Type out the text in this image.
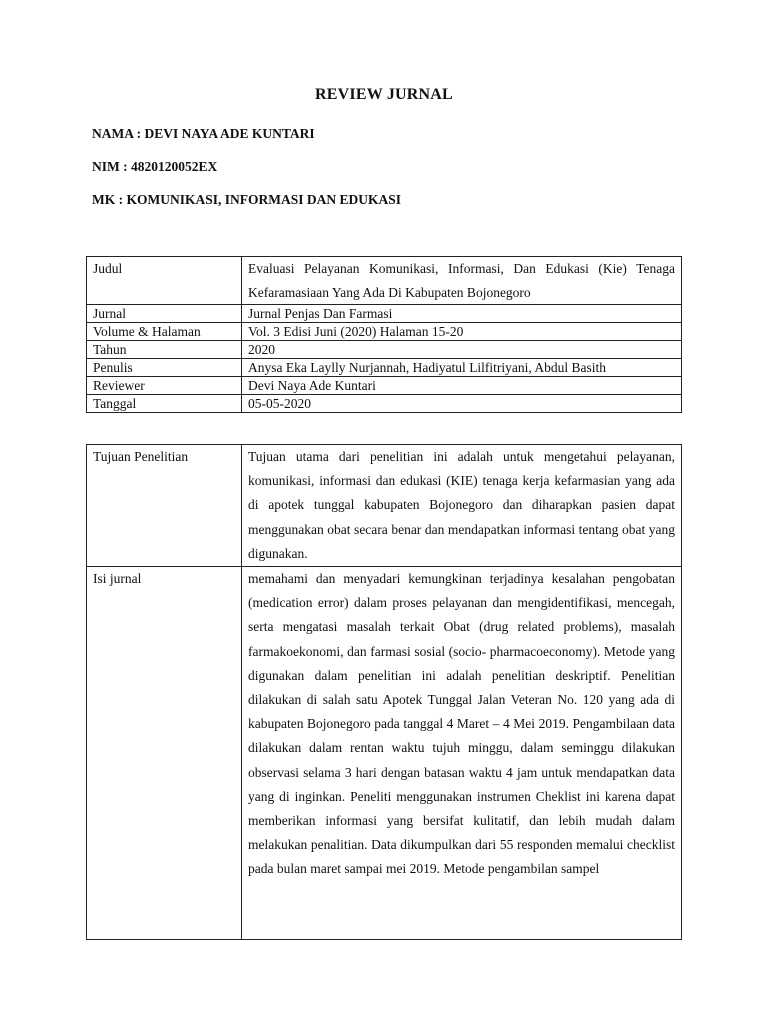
REVIEW JURNAL
NAMA : DEVI NAYA ADE KUNTARI
NIM : 4820120052EX
MK : KOMUNIKASI, INFORMASI DAN EDUKASI
Judul	Evaluasi Pelayanan Komunikasi, Informasi, Dan Edukasi (Kie) Tenaga Kefaramasiaan Yang Ada Di Kabupaten Bojonegoro
Jurnal	Jurnal Penjas Dan Farmasi
Volume & Halaman	Vol. 3 Edisi Juni (2020) Halaman 15-20
Tahun	2020
Penulis	Anysa Eka Laylly Nurjannah, Hadiyatul Lilfitriyani, Abdul Basith
Reviewer	Devi Naya Ade Kuntari
Tanggal	05-05-2020
Tujuan Penelitian	Tujuan utama dari penelitian ini adalah untuk mengetahui pelayanan, komunikasi, informasi dan edukasi (KIE) tenaga kerja kefarmasian yang ada di apotek tunggal kabupaten Bojonegoro dan diharapkan pasien dapat menggunakan obat secara benar dan mendapatkan informasi tentang obat yang digunakan.
Isi jurnal	memahami dan menyadari kemungkinan terjadinya kesalahan pengobatan (medication error) dalam proses pelayanan dan mengidentifikasi, mencegah, serta mengatasi masalah terkait Obat (drug related problems), masalah farmakoekonomi, dan farmasi sosial (socio- pharmacoeconomy). Metode yang digunakan dalam penelitian ini adalah penelitian deskriptif. Penelitian dilakukan di salah satu Apotek Tunggal Jalan Veteran No. 120 yang ada di kabupaten Bojonegoro pada tanggal 4 Maret – 4 Mei 2019. Pengambilaan data dilakukan dalam rentan waktu tujuh minggu, dalam seminggu dilakukan observasi selama 3 hari dengan batasan waktu 4 jam untuk mendapatkan data yang di inginkan. Peneliti menggunakan instrumen Cheklist ini karena dapat memberikan informasi yang bersifat kulitatif, dan lebih mudah dalam melakukan penalitian. Data dikumpulkan dari 55 responden memalui checklist pada bulan maret sampai mei 2019. Metode pengambilan sampel
